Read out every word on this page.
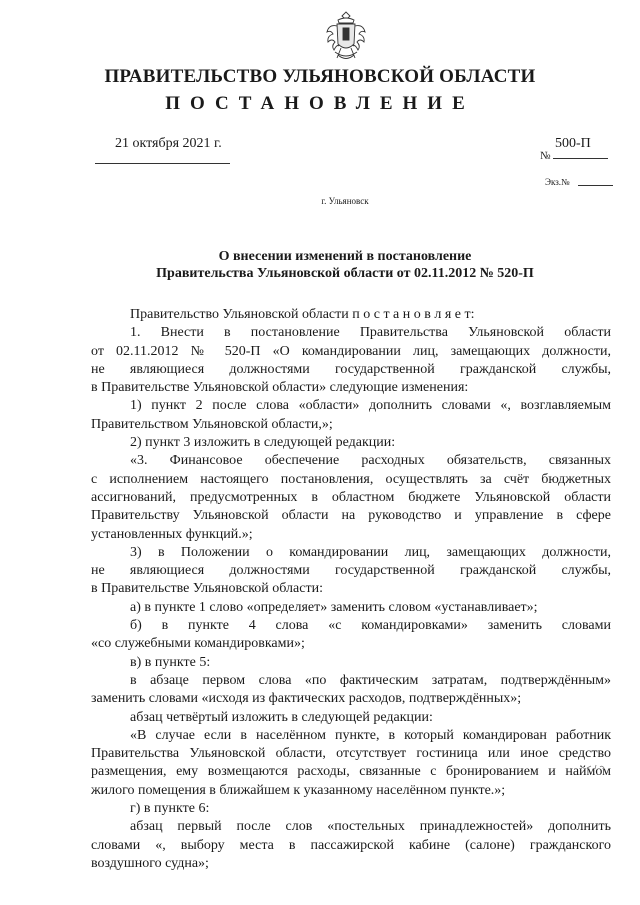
ПРАВИТЕЛЬСТВО УЛЬЯНОВСКОЙ ОБЛАСТИ

ПОСТАНОВЛЕНИЕ

21 октября 2021 г.	500-П

№

Экз.№

г. Ульяновск

О внесении изменений в постановление

Правительства Ульяновской области от 02.11.2012 № 520-П

Правительство Ульяновской области п о с т а н о в л я е т:
1. Внести в постановление Правительства Ульяновской области
от 02.11.2012 № 520-П «О командировании лиц, замещающих должности,
не являющиеся должностями государственной гражданской службы,
в Правительстве Ульяновской области» следующие изменения:
1) пункт 2 после слова «области» дополнить словами «, возглавляемым
Правительством Ульяновской области,»;
2) пункт 3 изложить в следующей редакции:
«3. Финансовое обеспечение расходных обязательств, связанных
с исполнением настоящего постановления, осуществлять за счёт бюджетных
ассигнований, предусмотренных в областном бюджете Ульяновской области
Правительству Ульяновской области на руководство и управление в сфере
установленных функций.»;
3) в Положении о командировании лиц, замещающих должности,
не являющиеся должностями государственной гражданской службы,
в Правительстве Ульяновской области:
а) в пункте 1 слово «определяет» заменить словом «устанавливает»;
б) в пункте 4 слова «с командировками» заменить словами
«со служебными командировками»;
в) в пункте 5:
в абзаце первом слова «по фактическим затратам, подтверждённым»
заменить словами «исходя из фактических расходов, подтверждённых»;
абзац четвёртый изложить в следующей редакции:
«В случае если в населённом пункте, в который командирован работник
Правительства Ульяновской области, отсутствует гостиница или иное средство
размещения, ему возмещаются расходы, связанные с бронированием и наймом
жилого помещения в ближайшем к указанному населённом пункте.»;
г) в пункте 6:
абзац первый после слов «постельных принадлежностей» дополнить
словами «, выбору места в пассажирской кабине (салоне) гражданского
воздушного судна»;
